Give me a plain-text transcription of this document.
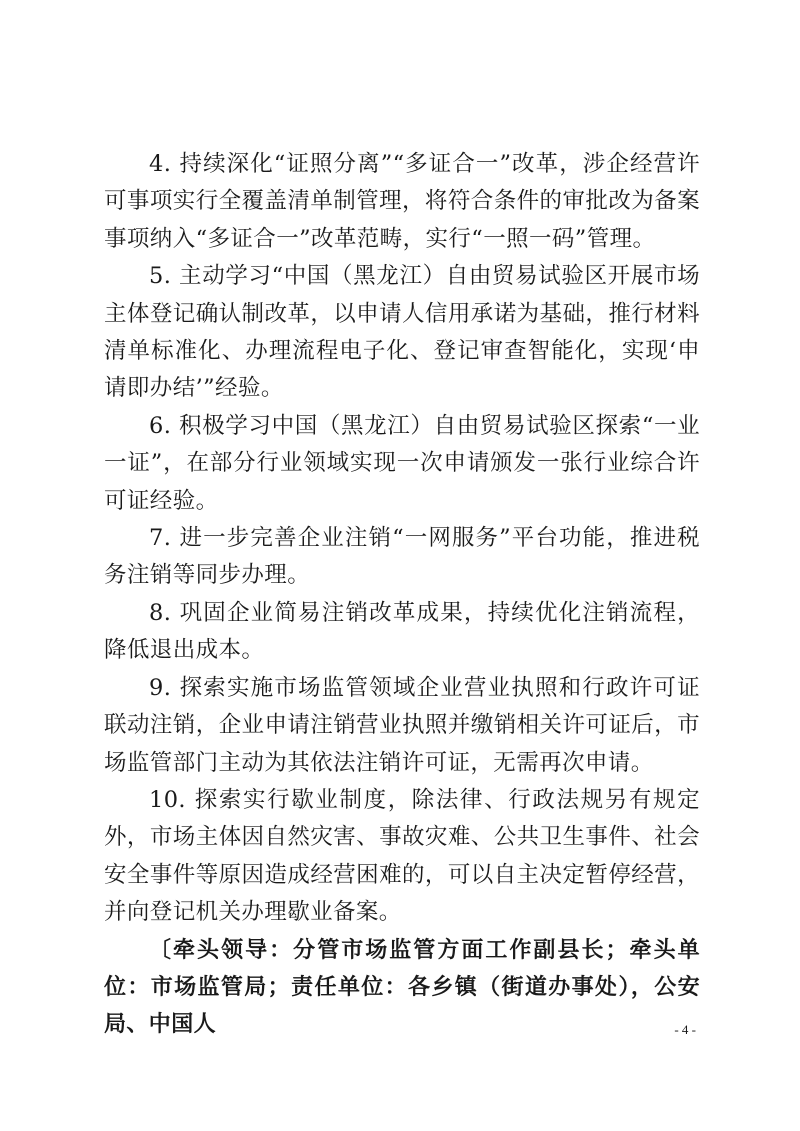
4. 持续深化“证照分离”“多证合一”改革，涉企经营许可事项实行全覆盖清单制管理，将符合条件的审批改为备案事项纳入“多证合一”改革范畴，实行“一照一码”管理。

5. 主动学习“中国（黑龙江）自由贸易试验区开展市场主体登记确认制改革，以申请人信用承诺为基础，推行材料清单标准化、办理流程电子化、登记审查智能化，实现‘申请即办结’”经验。

6. 积极学习中国（黑龙江）自由贸易试验区探索“一业一证”，在部分行业领域实现一次申请颁发一张行业综合许可证经验。

7. 进一步完善企业注销“一网服务”平台功能，推进税务注销等同步办理。

8. 巩固企业简易注销改革成果，持续优化注销流程，降低退出成本。

9. 探索实施市场监管领域企业营业执照和行政许可证联动注销，企业申请注销营业执照并缴销相关许可证后，市场监管部门主动为其依法注销许可证，无需再次申请。

10. 探索实行歇业制度，除法律、行政法规另有规定外，市场主体因自然灾害、事故灾难、公共卫生事件、社会安全事件等原因造成经营困难的，可以自主决定暂停经营，并向登记机关办理歇业备案。

〔牵头领导：分管市场监管方面工作副县长；牵头单位：市场监管局；责任单位：各乡镇（街道办事处），公安局、中国人	- 4 -
